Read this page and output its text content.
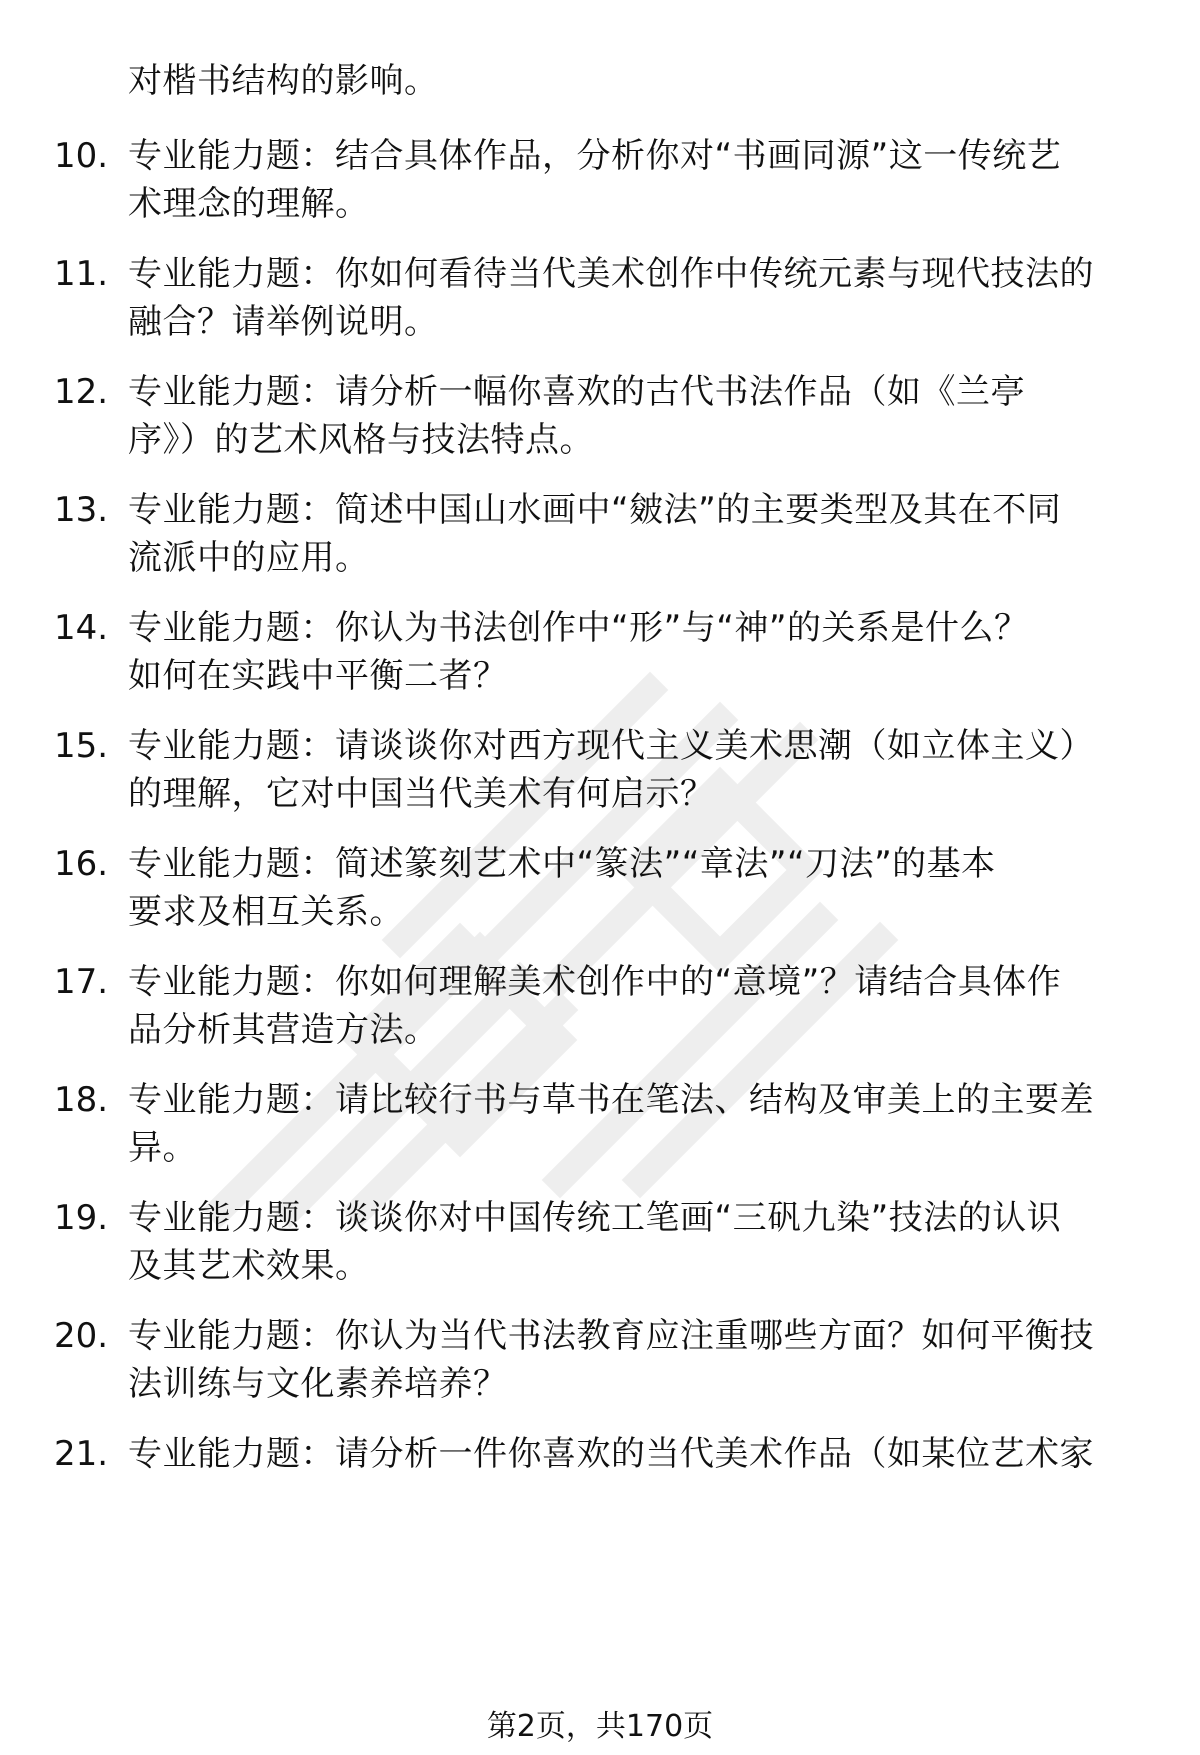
对楷书结构的影响。
10. 专业能力题：结合具体作品，分析你对“书画同源”这一传统艺
术理念的理解。
11. 专业能力题：你如何看待当代美术创作中传统元素与现代技法的
融合？请举例说明。
12. 专业能力题：请分析一幅你喜欢的古代书法作品（如《兰亭
序》）的艺术风格与技法特点。
13. 专业能力题：简述中国山水画中“皴法”的主要类型及其在不同
流派中的应用。
14. 专业能力题：你认为书法创作中“形”与“神”的关系是什么？
如何在实践中平衡二者？
15. 专业能力题：请谈谈你对西方现代主义美术思潮（如立体主义）
的理解，它对中国当代美术有何启示？
16. 专业能力题：简述篆刻艺术中“篆法”“章法”“刀法”的基本
要求及相互关系。
17. 专业能力题：你如何理解美术创作中的“意境”？请结合具体作
品分析其营造方法。
18. 专业能力题：请比较行书与草书在笔法、结构及审美上的主要差
异。
19. 专业能力题：谈谈你对中国传统工笔画“三矾九染”技法的认识
及其艺术效果。
20. 专业能力题：你认为当代书法教育应注重哪些方面？如何平衡技
法训练与文化素养培养？
21. 专业能力题：请分析一件你喜欢的当代美术作品（如某位艺术家
第2页，共170页
